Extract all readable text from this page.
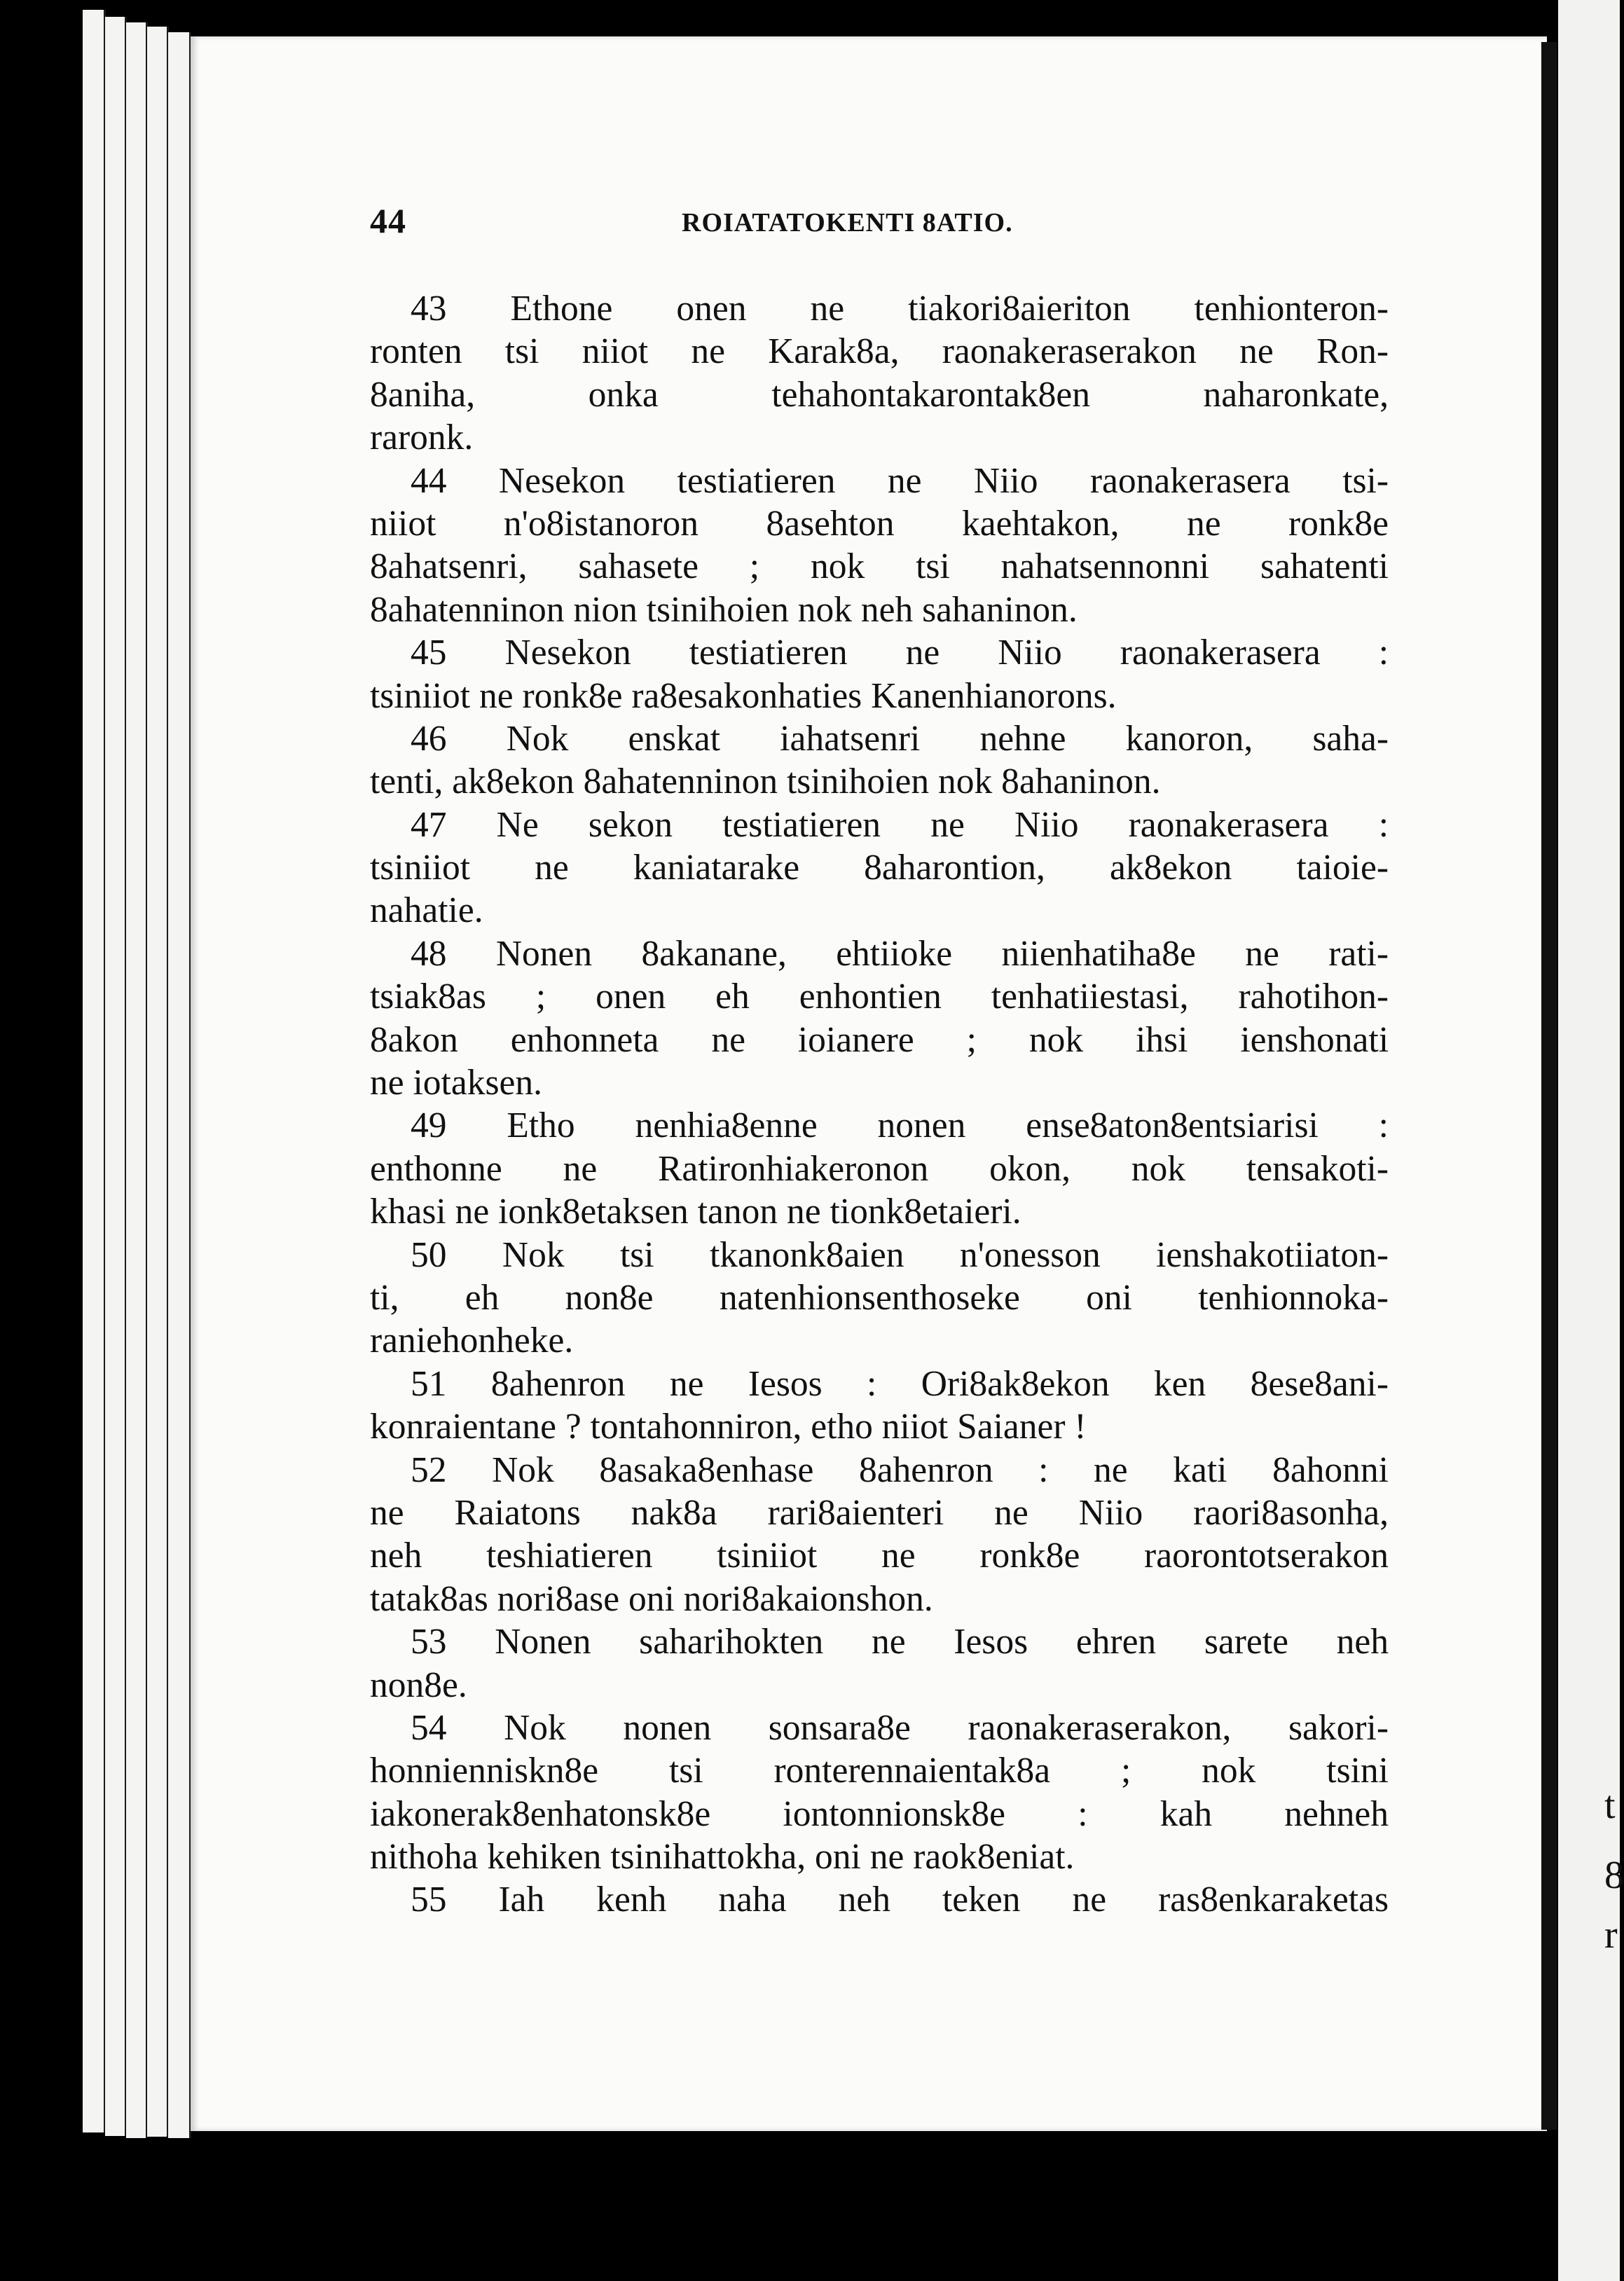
t
8
r
44	ROIATATOKENTI 8ATIO.
43 Ethone onen ne tiakori8aieriton tenhionteron-
ronten tsi niiot ne Karak8a, raonakeraserakon ne Ron-
8aniha, onka tehahontakarontak8en naharonkate,
raronk.
44 Nesekon testiatieren ne Niio raonakerasera tsi-
niiot n'o8istanoron 8asehton kaehtakon, ne ronk8e
8ahatsenri, sahasete ; nok tsi nahatsennonni sahatenti
8ahatenninon nion tsinihoien nok neh sahaninon.
45 Nesekon testiatieren ne Niio raonakerasera :
tsiniiot ne ronk8e ra8esakonhaties Kanenhianorons.
46 Nok enskat iahatsenri nehne kanoron, saha-
tenti, ak8ekon 8ahatenninon tsinihoien nok 8ahaninon.
47 Ne sekon testiatieren ne Niio raonakerasera :
tsiniiot ne kaniatarake 8aharontion, ak8ekon taioie-
nahatie.
48 Nonen 8akanane, ehtiioke niienhatiha8e ne rati-
tsiak8as ; onen eh enhontien tenhatiiestasi, rahotihon-
8akon enhonneta ne ioianere ; nok ihsi ienshonati
ne iotaksen.
49 Etho nenhia8enne nonen ense8aton8entsiarisi :
enthonne ne Ratironhiakeronon okon, nok tensakoti-
khasi ne ionk8etaksen tanon ne tionk8etaieri.
50 Nok tsi tkanonk8aien n'onesson ienshakotiiaton-
ti, eh non8e natenhionsenthoseke oni tenhionnoka-
raniehonheke.
51 8ahenron ne Iesos : Ori8ak8ekon ken 8ese8ani-
konraientane ? tontahonniron, etho niiot Saianer !
52 Nok 8asaka8enhase 8ahenron : ne kati 8ahonni
ne Raiatons nak8a rari8aienteri ne Niio raori8asonha,
neh teshiatieren tsiniiot ne ronk8e raorontotserakon
tatak8as nori8ase oni nori8akaionshon.
53 Nonen saharihokten ne Iesos ehren sarete neh
non8e.
54 Nok nonen sonsara8e raonakeraserakon, sakori-
honnienniskn8e tsi ronterennaientak8a ; nok tsini
iakonerak8enhatonsk8e iontonnionsk8e : kah nehneh
nithoha kehiken tsinihattokha, oni ne raok8eniat.
55 Iah kenh naha neh teken ne ras8enkaraketas
